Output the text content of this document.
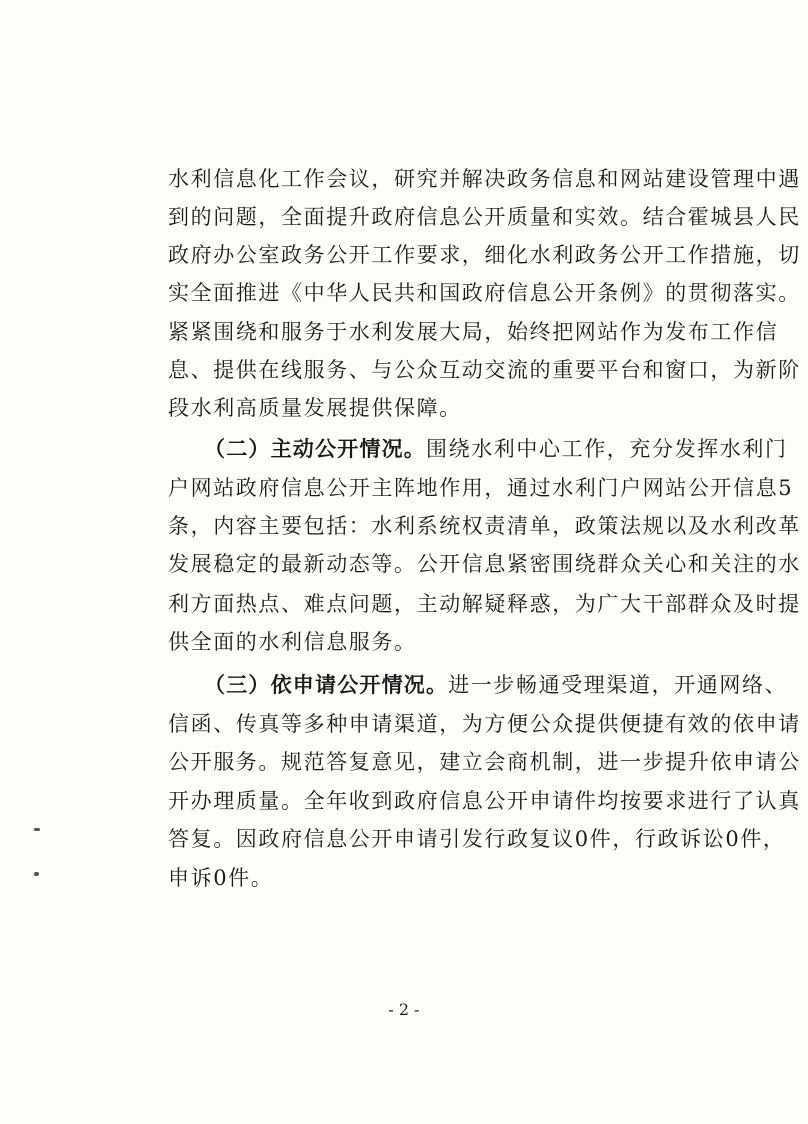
水利信息化工作会议，研究并解决政务信息和网站建设管理中遇
到的问题，全面提升政府信息公开质量和实效。结合霍城县人民
政府办公室政务公开工作要求，细化水利政务公开工作措施，切
实全面推进《中华人民共和国政府信息公开条例》的贯彻落实。
紧紧围绕和服务于水利发展大局，始终把网站作为发布工作信
息、提供在线服务、与公众互动交流的重要平台和窗口，为新阶
段水利高质量发展提供保障。
（二）主动公开情况。围绕水利中心工作，充分发挥水利门
户网站政府信息公开主阵地作用，通过水利门户网站公开信息5
条，内容主要包括：水利系统权责清单，政策法规以及水利改革
发展稳定的最新动态等。公开信息紧密围绕群众关心和关注的水
利方面热点、难点问题，主动解疑释惑，为广大干部群众及时提
供全面的水利信息服务。
（三）依申请公开情况。进一步畅通受理渠道，开通网络、
信函、传真等多种申请渠道，为方便公众提供便捷有效的依申请
公开服务。规范答复意见，建立会商机制，进一步提升依申请公
开办理质量。全年收到政府信息公开申请件均按要求进行了认真
答复。因政府信息公开申请引发行政复议0件，行政诉讼0件，
申诉0件。
- 2 -
